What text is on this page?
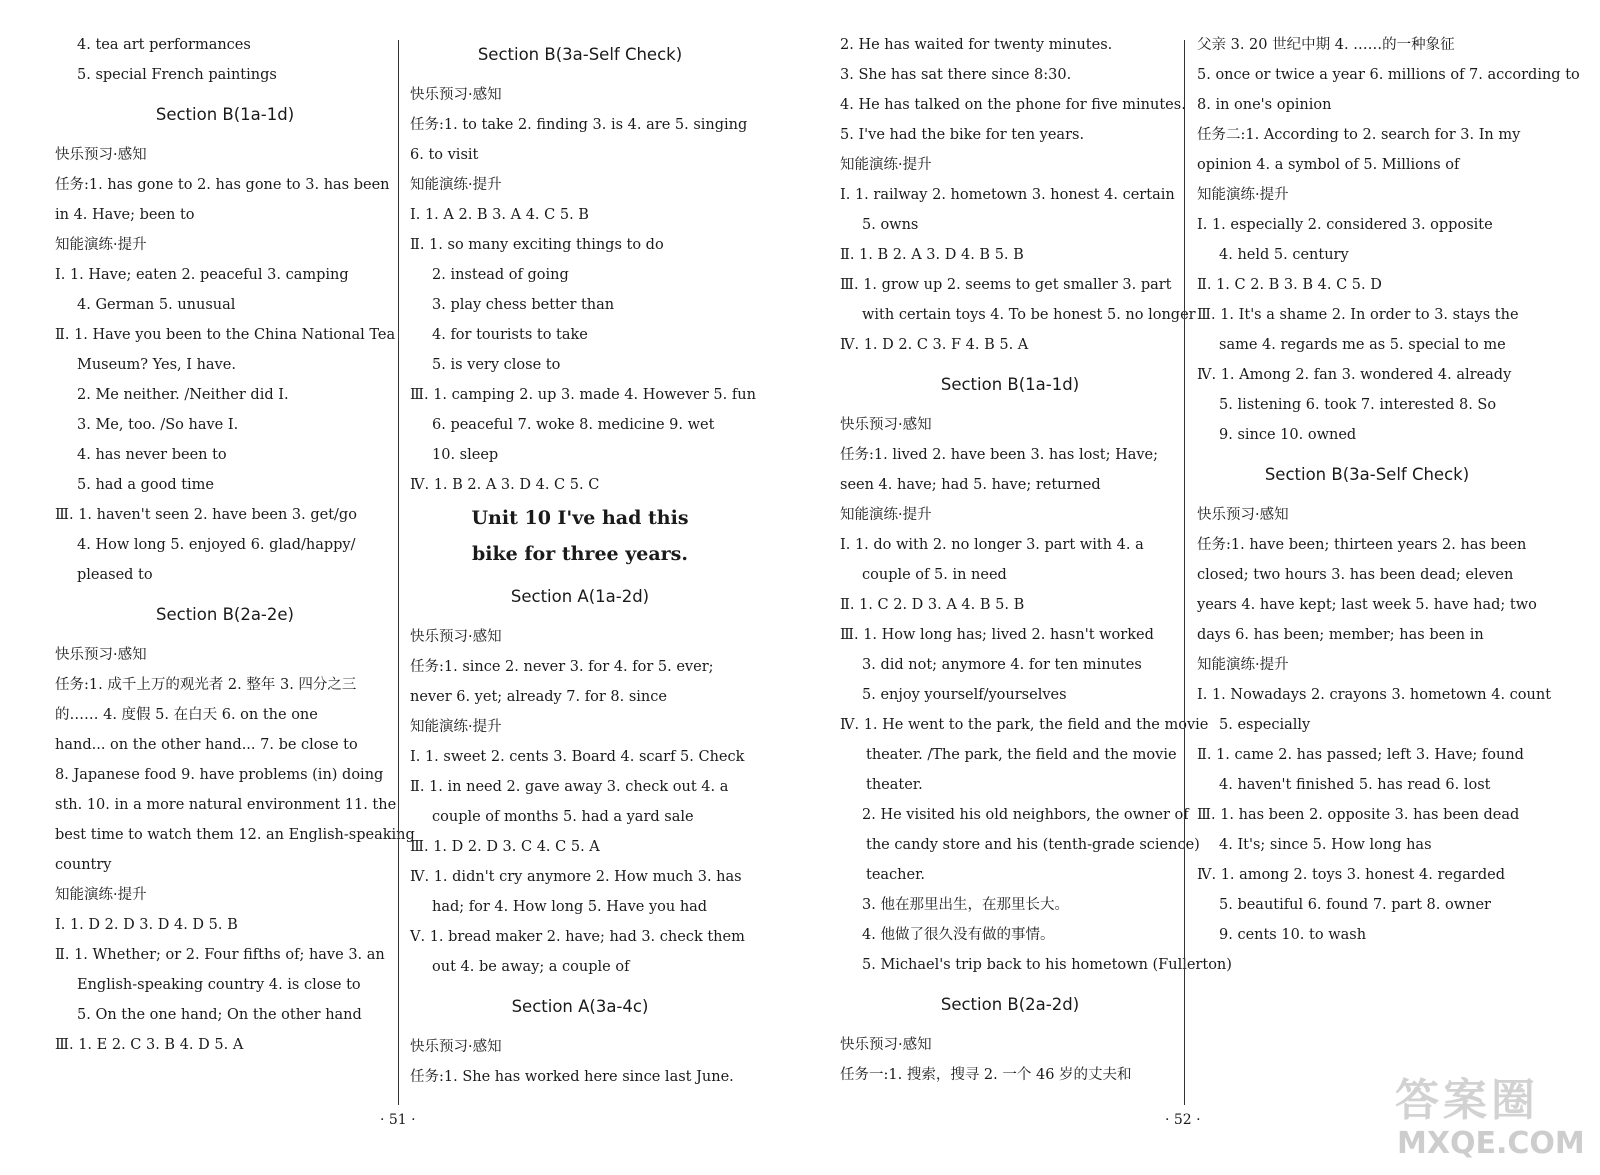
4. tea art performances
5. special French paintings
Section B(1a-1d)
快乐预习·感知
任务:1. has gone to 2. has gone to 3. has been
in 4. Have; been to
知能演练·提升
Ⅰ. 1. Have; eaten 2. peaceful 3. camping
4. German 5. unusual
Ⅱ. 1. Have you been to the China National Tea
Museum? Yes, I have.
2. Me neither. /Neither did I.
3. Me, too. /So have I.
4. has never been to
5. had a good time
Ⅲ. 1. haven't seen 2. have been 3. get/go
4. How long 5. enjoyed 6. glad/happy/
pleased to
Section B(2a-2e)
快乐预习·感知
任务:1. 成千上万的观光者 2. 整年 3. 四分之三
的…… 4. 度假 5. 在白天 6. on the one
hand... on the other hand... 7. be close to
8. Japanese food 9. have problems (in) doing
sth. 10. in a more natural environment 11. the
best time to watch them 12. an English-speaking
country
知能演练·提升
Ⅰ. 1. D 2. D 3. D 4. D 5. B
Ⅱ. 1. Whether; or 2. Four fifths of; have 3. an
English-speaking country 4. is close to
5. On the one hand; On the other hand
Ⅲ. 1. E 2. C 3. B 4. D 5. A
Section B(3a-Self Check)
快乐预习·感知
任务:1. to take 2. finding 3. is 4. are 5. singing
6. to visit
知能演练·提升
Ⅰ. 1. A 2. B 3. A 4. C 5. B
Ⅱ. 1. so many exciting things to do
2. instead of going
3. play chess better than
4. for tourists to take
5. is very close to
Ⅲ. 1. camping 2. up 3. made 4. However 5. fun
6. peaceful 7. woke 8. medicine 9. wet
10. sleep
Ⅳ. 1. B 2. A 3. D 4. C 5. C
Unit 10 I've had this
bike for three years.
Section A(1a-2d)
快乐预习·感知
任务:1. since 2. never 3. for 4. for 5. ever;
never 6. yet; already 7. for 8. since
知能演练·提升
Ⅰ. 1. sweet 2. cents 3. Board 4. scarf 5. Check
Ⅱ. 1. in need 2. gave away 3. check out 4. a
couple of months 5. had a yard sale
Ⅲ. 1. D 2. D 3. C 4. C 5. A
Ⅳ. 1. didn't cry anymore 2. How much 3. has
had; for 4. How long 5. Have you had
Ⅴ. 1. bread maker 2. have; had 3. check them
out 4. be away; a couple of
Section A(3a-4c)
快乐预习·感知
任务:1. She has worked here since last June.
2. He has waited for twenty minutes.
3. She has sat there since 8:30.
4. He has talked on the phone for five minutes.
5. I've had the bike for ten years.
知能演练·提升
Ⅰ. 1. railway 2. hometown 3. honest 4. certain
5. owns
Ⅱ. 1. B 2. A 3. D 4. B 5. B
Ⅲ. 1. grow up 2. seems to get smaller 3. part
with certain toys 4. To be honest 5. no longer
Ⅳ. 1. D 2. C 3. F 4. B 5. A
Section B(1a-1d)
快乐预习·感知
任务:1. lived 2. have been 3. has lost; Have;
seen 4. have; had 5. have; returned
知能演练·提升
Ⅰ. 1. do with 2. no longer 3. part with 4. a
couple of 5. in need
Ⅱ. 1. C 2. D 3. A 4. B 5. B
Ⅲ. 1. How long has; lived 2. hasn't worked
3. did not; anymore 4. for ten minutes
5. enjoy yourself/yourselves
Ⅳ. 1. He went to the park, the field and the movie
theater. /The park, the field and the movie
theater.
2. He visited his old neighbors, the owner of
the candy store and his (tenth-grade science)
teacher.
3. 他在那里出生，在那里长大。
4. 他做了很久没有做的事情。
5. Michael's trip back to his hometown (Fullerton)
Section B(2a-2d)
快乐预习·感知
任务一:1. 搜索，搜寻 2. 一个 46 岁的丈夫和
父亲 3. 20 世纪中期 4. ……的一种象征
5. once or twice a year 6. millions of 7. according to
8. in one's opinion
任务二:1. According to 2. search for 3. In my
opinion 4. a symbol of 5. Millions of
知能演练·提升
Ⅰ. 1. especially 2. considered 3. opposite
4. held 5. century
Ⅱ. 1. C 2. B 3. B 4. C 5. D
Ⅲ. 1. It's a shame 2. In order to 3. stays the
same 4. regards me as 5. special to me
Ⅳ. 1. Among 2. fan 3. wondered 4. already
5. listening 6. took 7. interested 8. So
9. since 10. owned
Section B(3a-Self Check)
快乐预习·感知
任务:1. have been; thirteen years 2. has been
closed; two hours 3. has been dead; eleven
years 4. have kept; last week 5. have had; two
days 6. has been; member; has been in
知能演练·提升
Ⅰ. 1. Nowadays 2. crayons 3. hometown 4. count
5. especially
Ⅱ. 1. came 2. has passed; left 3. Have; found
4. haven't finished 5. has read 6. lost
Ⅲ. 1. has been 2. opposite 3. has been dead
4. It's; since 5. How long has
Ⅳ. 1. among 2. toys 3. honest 4. regarded
5. beautiful 6. found 7. part 8. owner
9. cents 10. to wash
· 51 ·	· 52 ·	答案圈
MXQE.COM
